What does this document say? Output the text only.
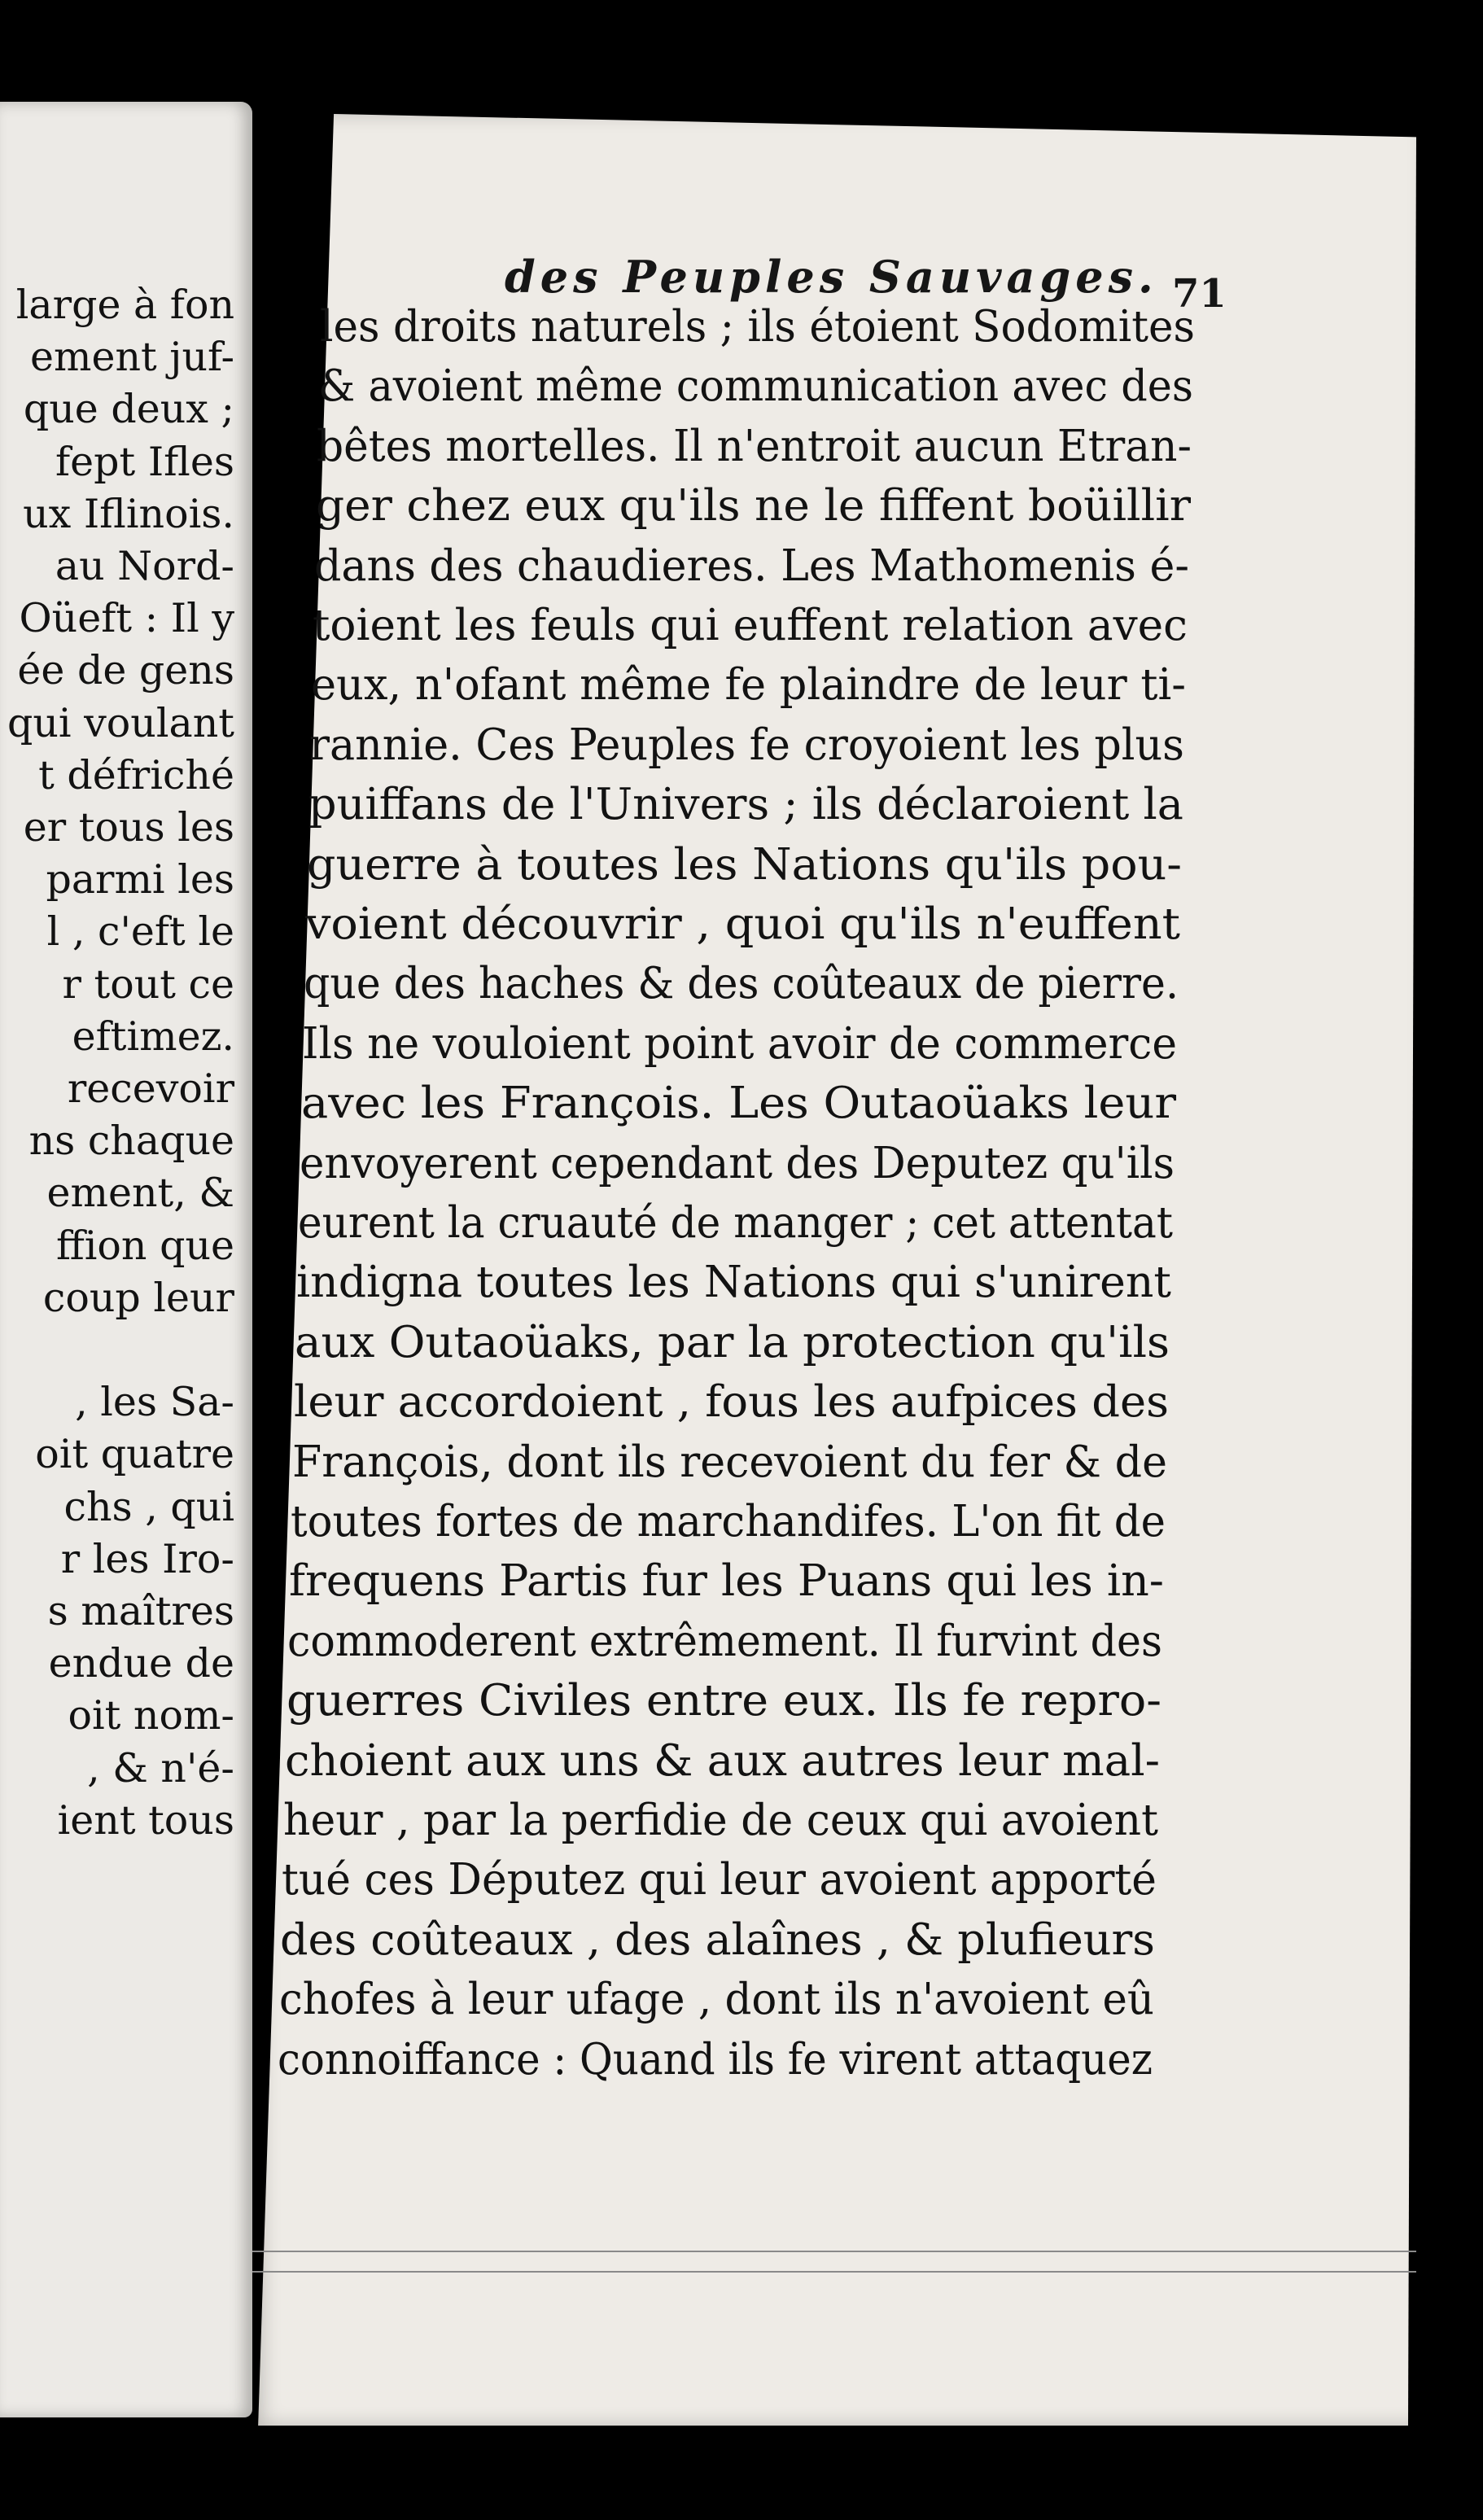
large à fon
ement juf-
que deux ;
fept Ifles
ux Iflinois.
au Nord-
Oüeft : Il y
ée de gens
qui voulant
t défriché
er tous les
parmi les
l , c'eft le
r tout ce
eftimez.
recevoir
ns chaque
ement, &
ffion que
coup leur
, les Sa-
oit quatre
chs , qui
r les Iro-
s maîtres
endue de
oit nom-
, & n'é-
ient tous
des Peuples Sauvages. 71
les droits naturels ; ils étoient Sodomites
& avoient même communication avec des
bêtes mortelles. Il n'entroit aucun Etran-
ger chez eux qu'ils ne le fiffent boüillir
dans des chaudieres. Les Mathomenis é-
toient les feuls qui euffent relation avec
eux, n'ofant même fe plaindre de leur ti-
rannie. Ces Peuples fe croyoient les plus
puiffans de l'Univers ; ils déclaroient la
guerre à toutes les Nations qu'ils pou-
voient découvrir , quoi qu'ils n'euffent
que des haches & des coûteaux de pierre.
Ils ne vouloient point avoir de commerce
avec les François. Les Outaoüaks leur
envoyerent cependant des Deputez qu'ils
eurent la cruauté de manger ; cet attentat
indigna toutes les Nations qui s'unirent
aux Outaoüaks, par la protection qu'ils
leur accordoient , fous les aufpices des
François, dont ils recevoient du fer & de
toutes fortes de marchandifes. L'on fit de
frequens Partis fur les Puans qui les in-
commoderent extrêmement. Il furvint des
guerres Civiles entre eux. Ils fe repro-
choient aux uns & aux autres leur mal-
heur , par la perfidie de ceux qui avoient
tué ces Députez qui leur avoient apporté
des coûteaux , des alaînes , & plufieurs
chofes à leur ufage , dont ils n'avoient eû
connoiffance : Quand ils fe virent attaquez
